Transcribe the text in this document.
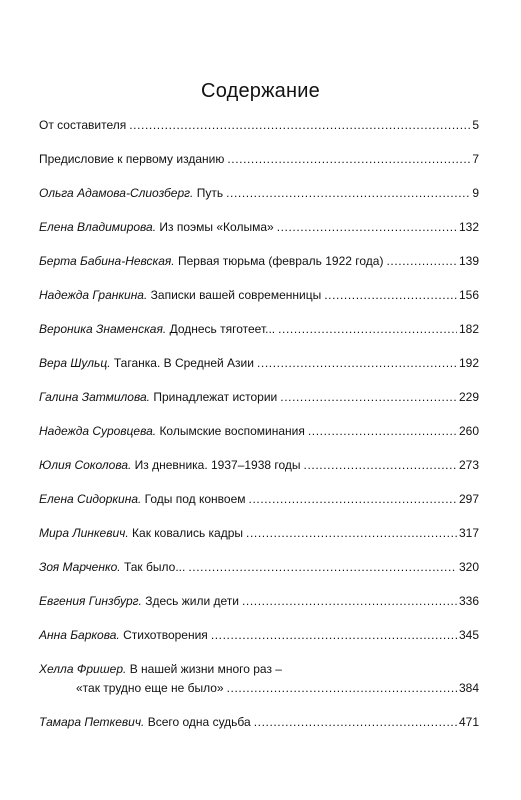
Содержание
От составителя .....	5
Предисловие к первому изданию .....	7
Ольга Адамова-Слиозберг. Путь .....	9
Елена Владимирова. Из поэмы «Колыма» .....	132
Берта Бабина-Невская. Первая тюрьма (февраль 1922 года) .....	139
Надежда Гранкина. Записки вашей современницы .....	156
Вероника Знаменская. Доднесь тяготеет... .....	182
Вера Шульц. Таганка. В Средней Азии .....	192
Галина Затмилова. Принадлежат истории .....	229
Надежда Суровцева. Колымские воспоминания .....	260
Юлия Соколова. Из дневника. 1937–1938 годы .....	273
Елена Сидоркина. Годы под конвоем .....	297
Мира Линкевич. Как ковались кадры .....	317
Зоя Марченко. Так было... .....	320
Евгения Гинзбург. Здесь жили дети .....	336
Анна Баркова. Стихотворения .....	345
Хелла Фришер. В нашей жизни много раз –
«так трудно еще не было» .....	384
Тамара Петкевич. Всего одна судьба .....	471
